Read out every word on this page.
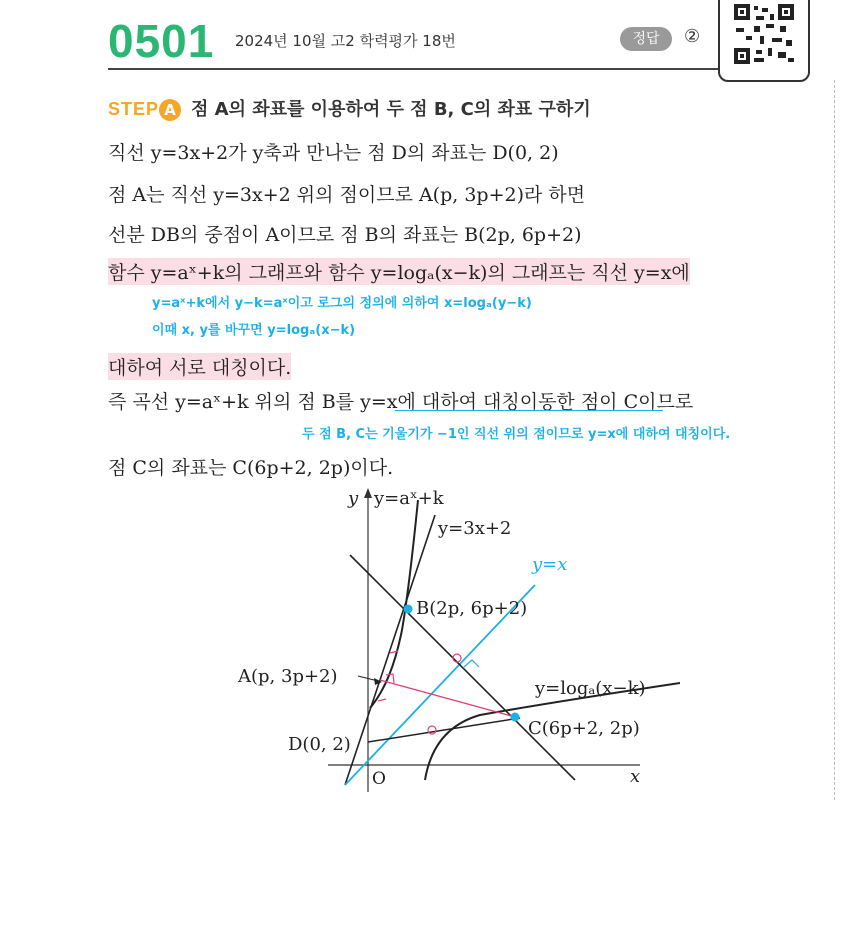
0501 2024년 10월 고2 학력평가 18번	정답	②
STEP A 점 A의 좌표를 이용하여 두 점 B, C의 좌표 구하기
직선 y=3x+2가 y축과 만나는 점 D의 좌표는 D(0, 2)
점 A는 직선 y=3x+2 위의 점이므로 A(p, 3p+2)라 하면
선분 DB의 중점이 A이므로 점 B의 좌표는 B(2p, 6p+2)
함수 y=aˣ+k의 그래프와 함수 y=logₐ(x−k)의 그래프는 직선 y=x에
y=aˣ+k에서 y−k=aˣ이고 로그의 정의에 의하여 x=logₐ(y−k)
이때 x, y를 바꾸면 y=logₐ(x−k)
대하여 서로 대칭이다.
즉 곡선 y=aˣ+k 위의 점 B를 y=x에 대하여 대칭이동한 점이 C이므로
두 점 B, C는 기울기가 −1인 직선 위의 점이므로 y=x에 대하여 대칭이다.
점 C의 좌표는 C(6p+2, 2p)이다.
y
x
O
y=aˣ+k
y=3x+2
y=x
B(2p, 6p+2)
A(p, 3p+2)
y=logₐ(x−k)
D(0, 2)
C(6p+2, 2p)
